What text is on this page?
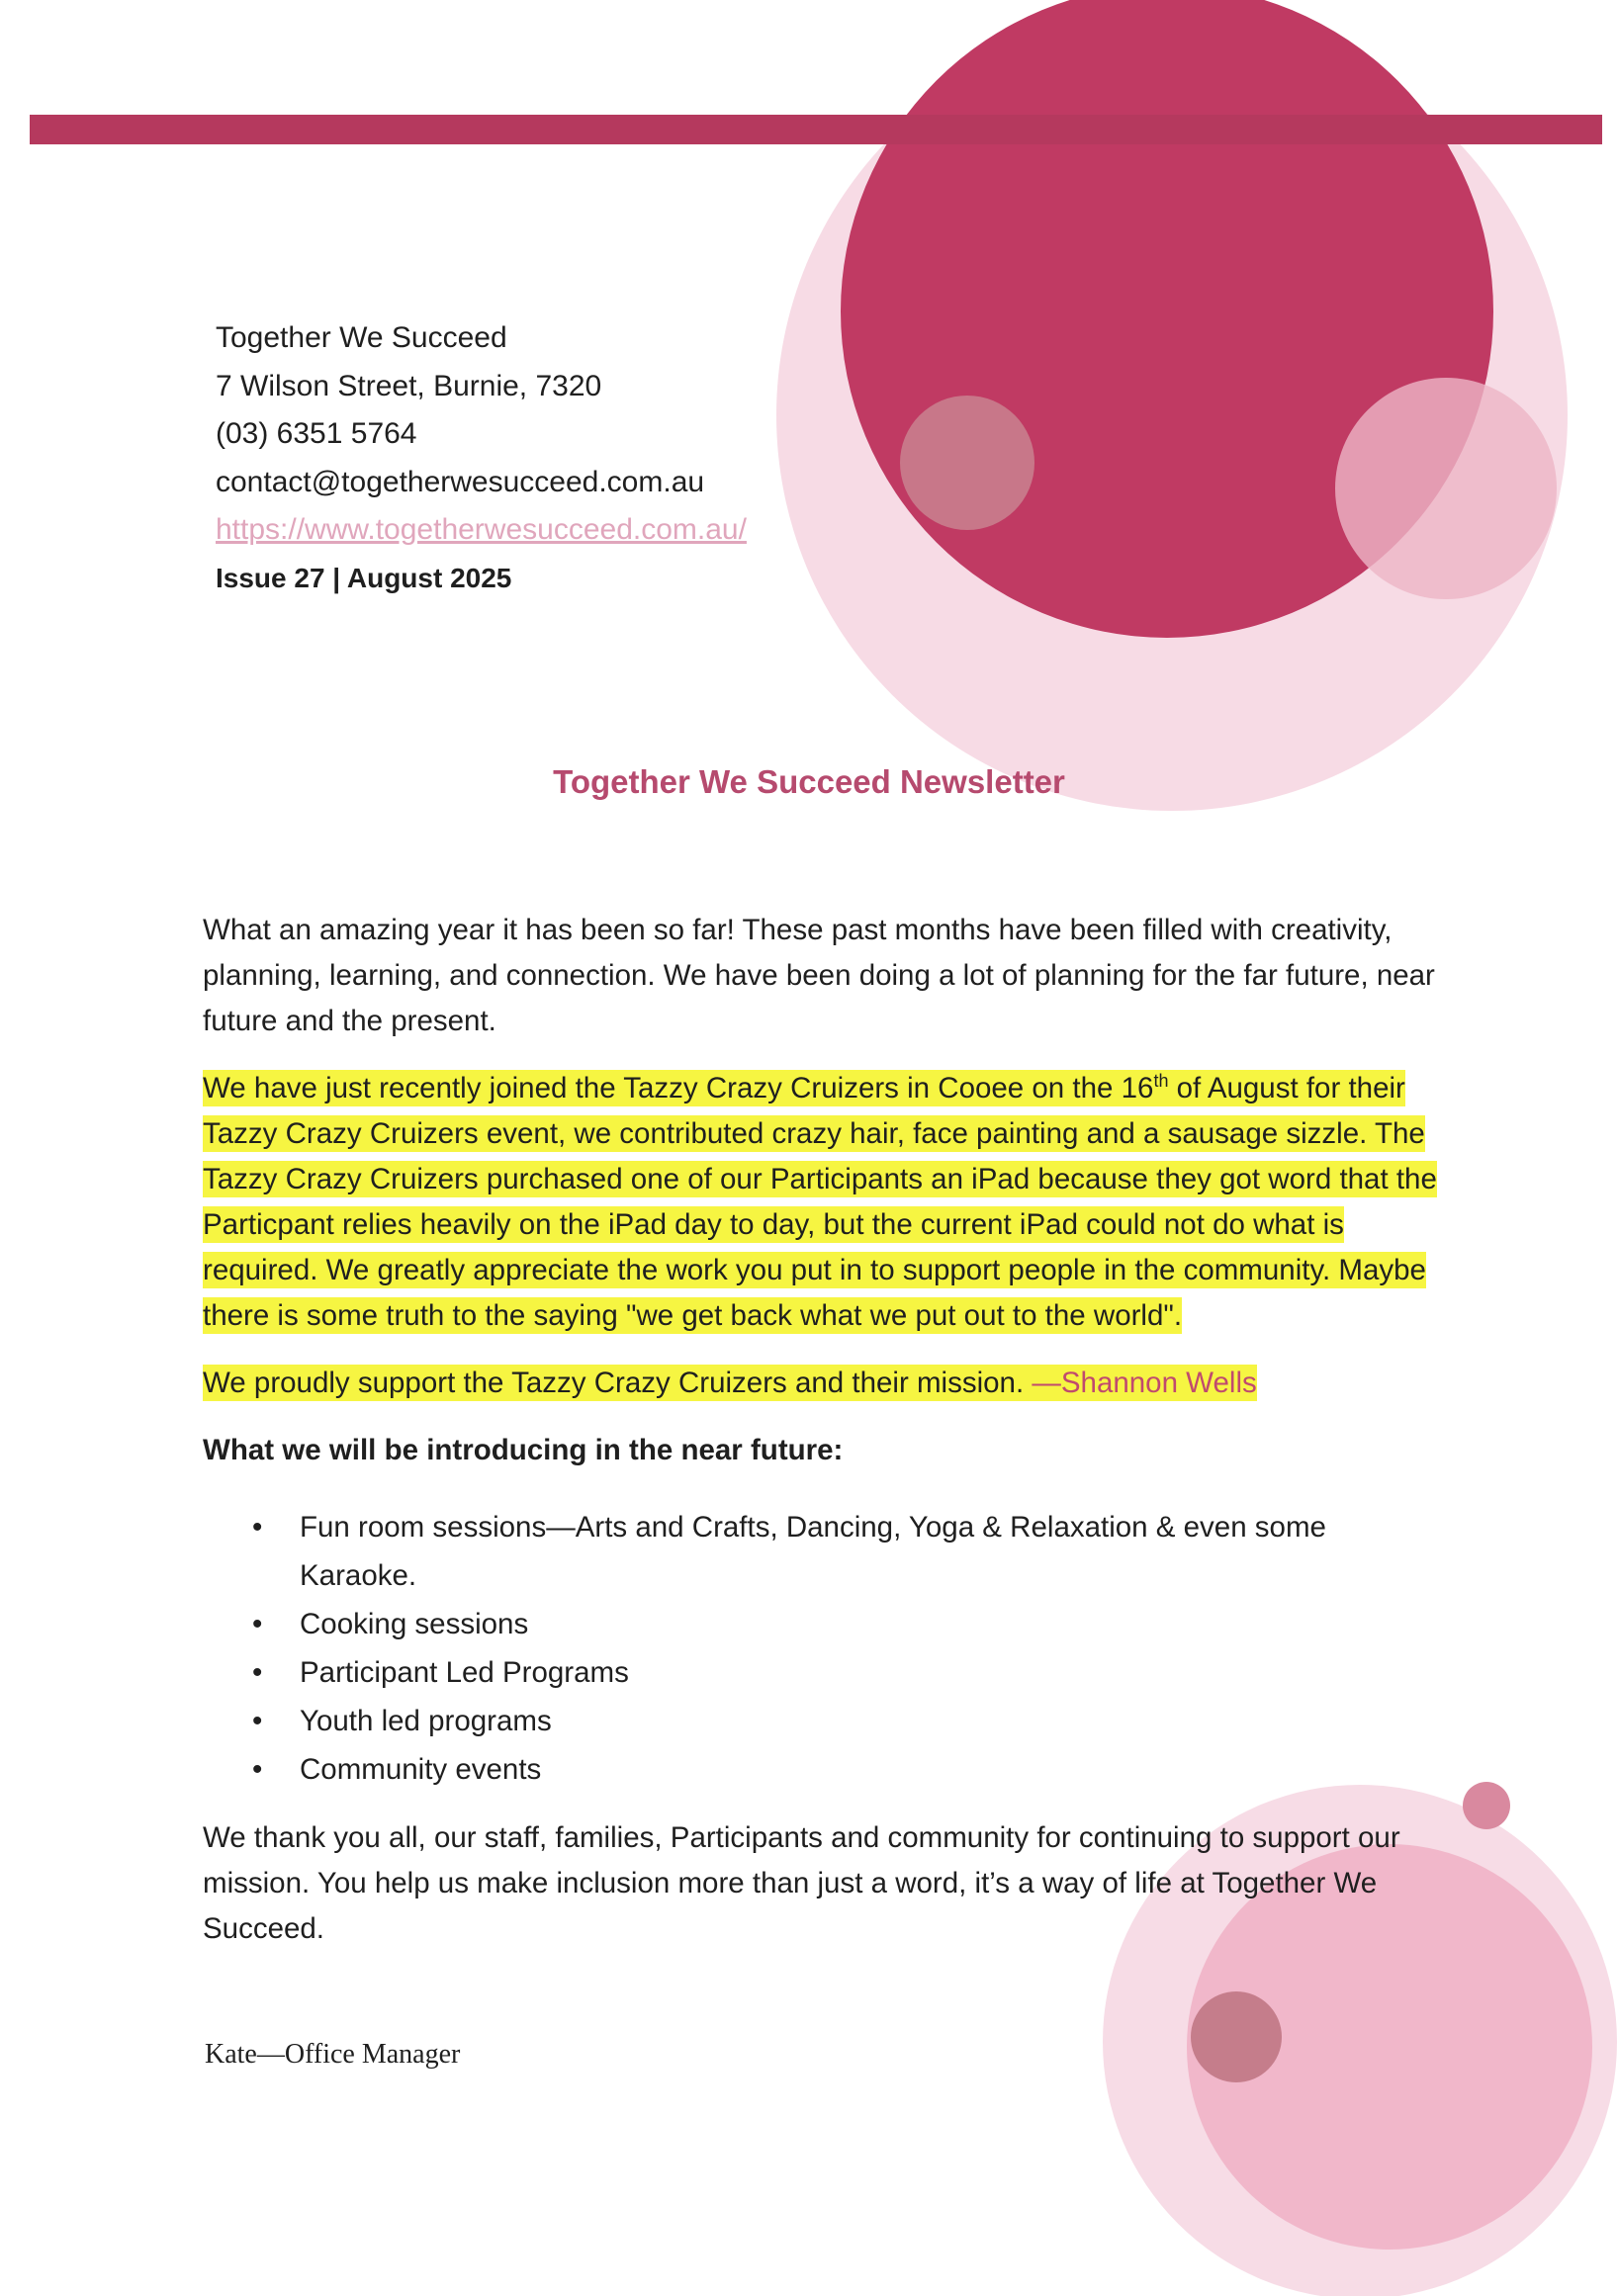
Together We Succeed
7 Wilson Street, Burnie, 7320
(03) 6351 5764
contact@togetherwesucceed.com.au
https://www.togetherwesucceed.com.au/
Issue 27 | August 2025
Together We Succeed Newsletter

What an amazing year it has been so far! These past months have been filled with creativity, planning, learning, and connection. We have been doing a lot of planning for the far future, near future and the present.

We have just recently joined the Tazzy Crazy Cruizers in Cooee on the 16th of August for their Tazzy Crazy Cruizers event, we contributed crazy hair, face painting and a sausage sizzle. The Tazzy Crazy Cruizers purchased one of our Participants an iPad because they got word that the Particpant relies heavily on the iPad day to day, but the current iPad could not do what is required. We greatly appreciate the work you put in to support people in the community. Maybe there is some truth to the saying "we get back what we put out to the world".

We proudly support the Tazzy Crazy Cruizers and their mission. —Shannon Wells

What we will be introducing in the near future:

• Fun room sessions—Arts and Crafts, Dancing, Yoga & Relaxation & even some Karaoke.
• Cooking sessions
• Participant Led Programs
• Youth led programs
• Community events

We thank you all, our staff, families, Participants and community for continuing to support our mission. You help us make inclusion more than just a word, it’s a way of life at Together We Succeed.

Kate—Office Manager
